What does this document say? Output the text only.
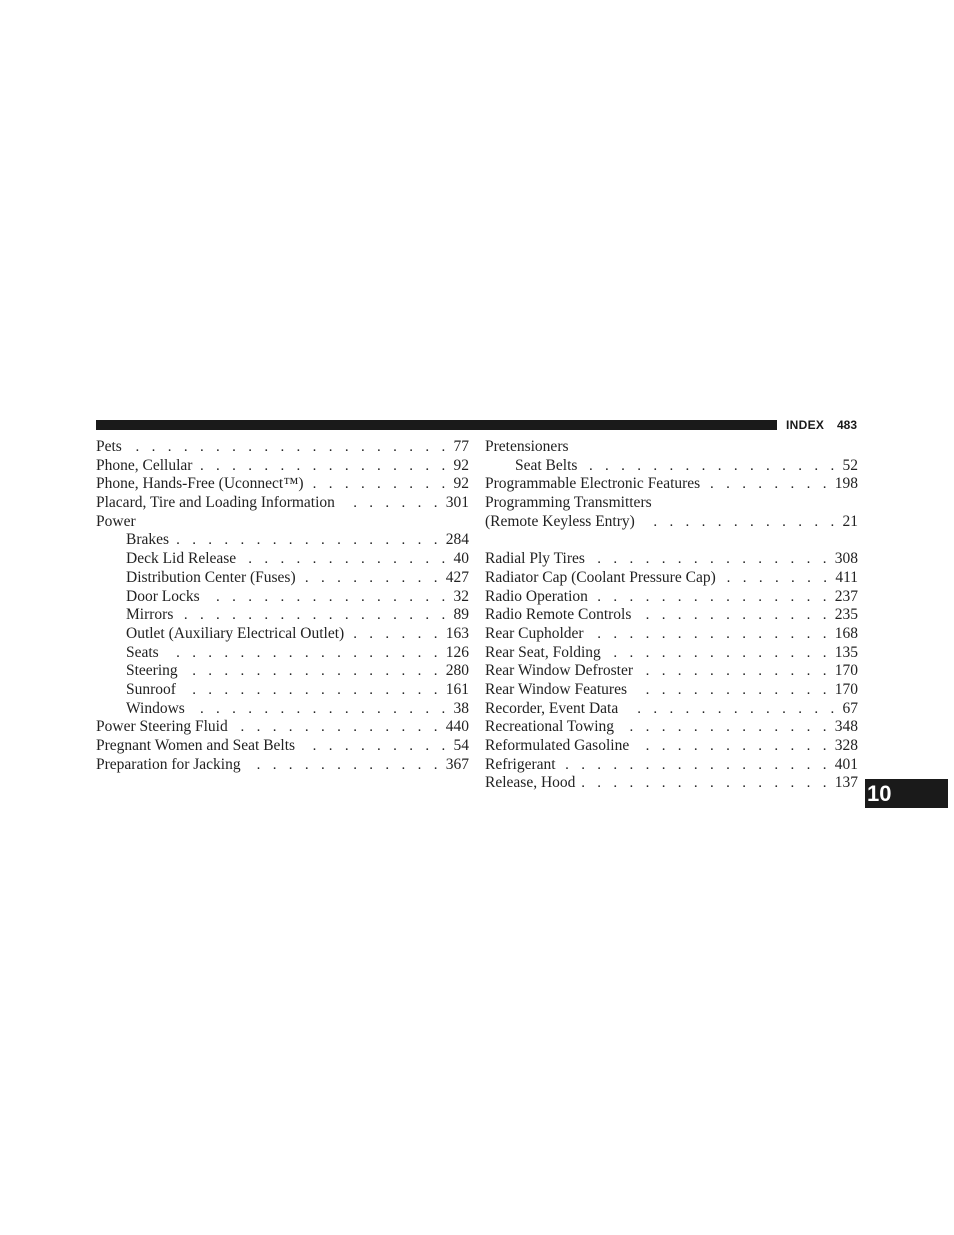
INDEX 483
Pets . . .	77
Phone, Cellular . . .	92
Phone, Hands-Free (Uconnect™) . . .	92
Placard, Tire and Loading Information . . .	301
Power
Brakes . . .	284
Deck Lid Release . . .	40
Distribution Center (Fuses) . . .	427
Door Locks . . .	32
Mirrors . . .	89
Outlet (Auxiliary Electrical Outlet) . . .	163
Seats . . .	126
Steering . . .	280
Sunroof . . .	161
Windows . . .	38
Power Steering Fluid . . .	440
Pregnant Women and Seat Belts . . .	54
Preparation for Jacking . . .	367
Pretensioners
Seat Belts . . .	52
Programmable Electronic Features . . .	198
Programming Transmitters
(Remote Keyless Entry) . . .	21
Radial Ply Tires . . .	308
Radiator Cap (Coolant Pressure Cap) . . .	411
Radio Operation . . .	237
Radio Remote Controls . . .	235
Rear Cupholder . . .	168
Rear Seat, Folding . . .	135
Rear Window Defroster . . .	170
Rear Window Features . . .	170
Recorder, Event Data . . .	67
Recreational Towing . . .	348
Reformulated Gasoline . . .	328
Refrigerant . . .	401
Release, Hood . . .	137 10
